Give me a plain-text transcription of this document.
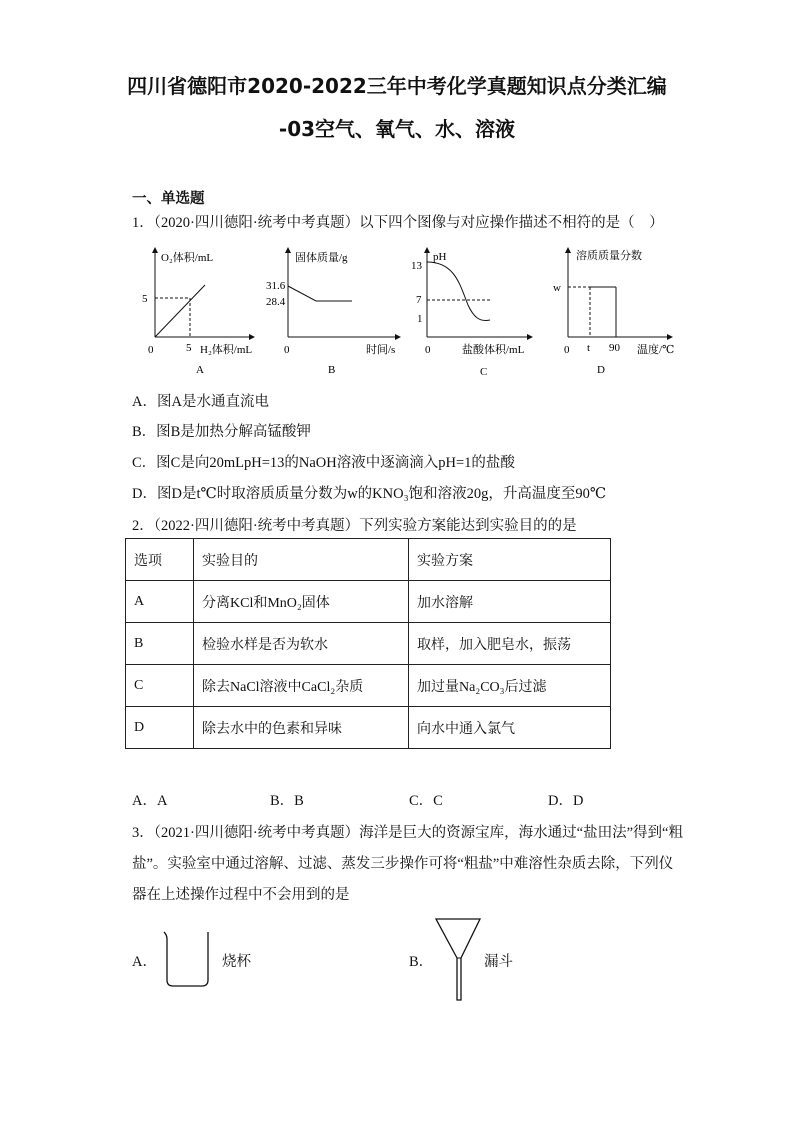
四川省德阳市2020-2022三年中考化学真题知识点分类汇编
-03空气、氧气、水、溶液
一、单选题
1．（2020·四川德阳·统考中考真题）以下四个图像与对应操作描述不相符的是（　）
O₂体积/mL
5
0	5 H₂体积/mL
A
固体质量/g
31.6
28.4
0	时间/s
B
pH
13
7
1
0	盐酸体积/mL
C
溶质质量分数
w
0 t 90 温度/℃
D
A．图A是水通直流电
B．图B是加热分解高锰酸钾
C．图C是向20mLpH=13的NaOH溶液中逐滴滴入pH=1的盐酸
D．图D是t℃时取溶质质量分数为w的KNO₃饱和溶液20g，升高温度至90℃
2．（2022·四川德阳·统考中考真题）下列实验方案能达到实验目的的是
选项	实验目的	实验方案
A	分离KCl和MnO₂固体	加水溶解
B	检验水样是否为软水	取样，加入肥皂水，振荡
C	除去NaCl溶液中CaCl₂杂质	加过量Na₂CO₃后过滤
D	除去水中的色素和异味	向水中通入氯气
A．A	B．B	C．C	D．D
3．（2021·四川德阳·统考中考真题）海洋是巨大的资源宝库，海水通过“盐田法”得到“粗
盐”。实验室中通过溶解、过滤、蒸发三步操作可将“粗盐”中难溶性杂质去除，下列仪
器在上述操作过程中不会用到的是
A．	烧杯	B．	漏斗
